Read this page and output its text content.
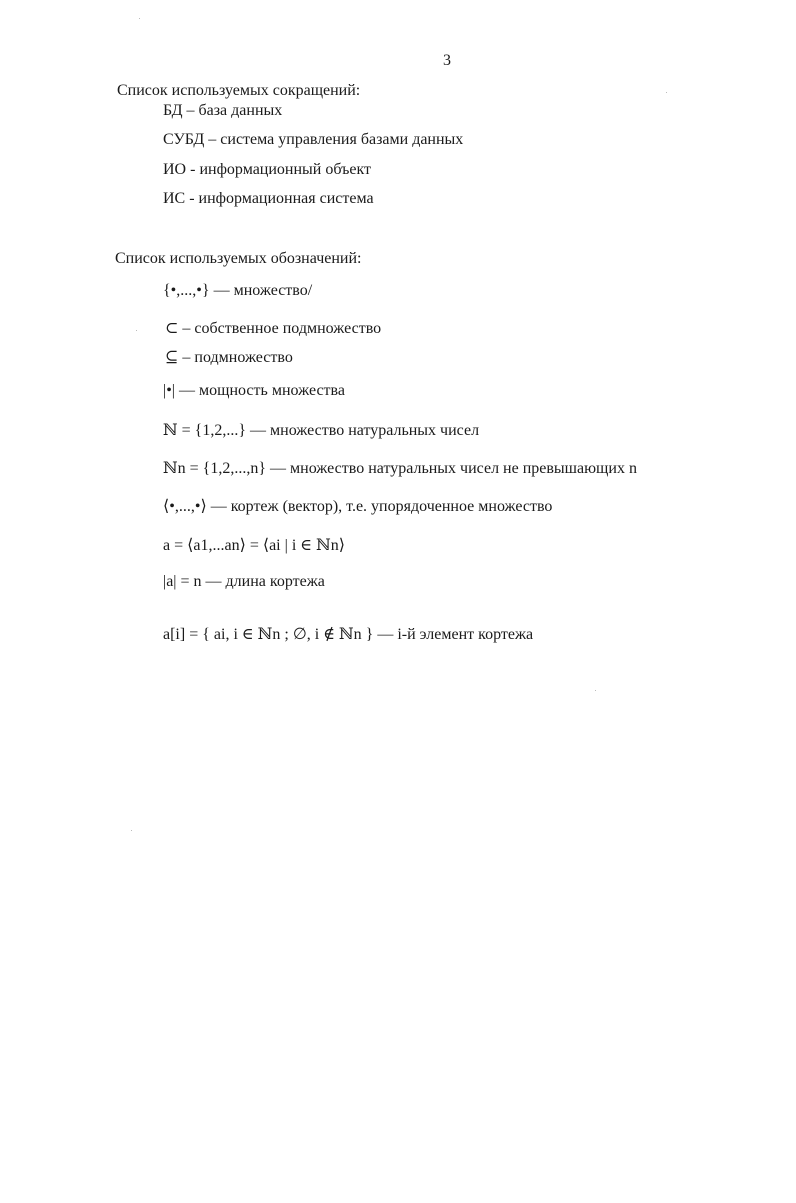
3
Список используемых сокращений:
БД – база данных
СУБД – система управления базами данных
ИО - информационный объект
ИС - информационная система
Список используемых обозначений:
{•,...,•} — множество/
⊂ – собственное подмножество
⊆ – подмножество
|•| — мощность множества
ℕ = {1,2,...} — множество натуральных чисел
ℕn = {1,2,...,n} — множество натуральных чисел не превышающих n
⟨•,...,•⟩ — кортеж (вектор), т.е. упорядоченное множество
a = ⟨a1,...an⟩ = ⟨ai | i ∈ ℕn⟩
|a| = n — длина кортежа
a[i] = { ai, i ∈ ℕn ; ∅, i ∉ ℕn } — i-й элемент кортежа
